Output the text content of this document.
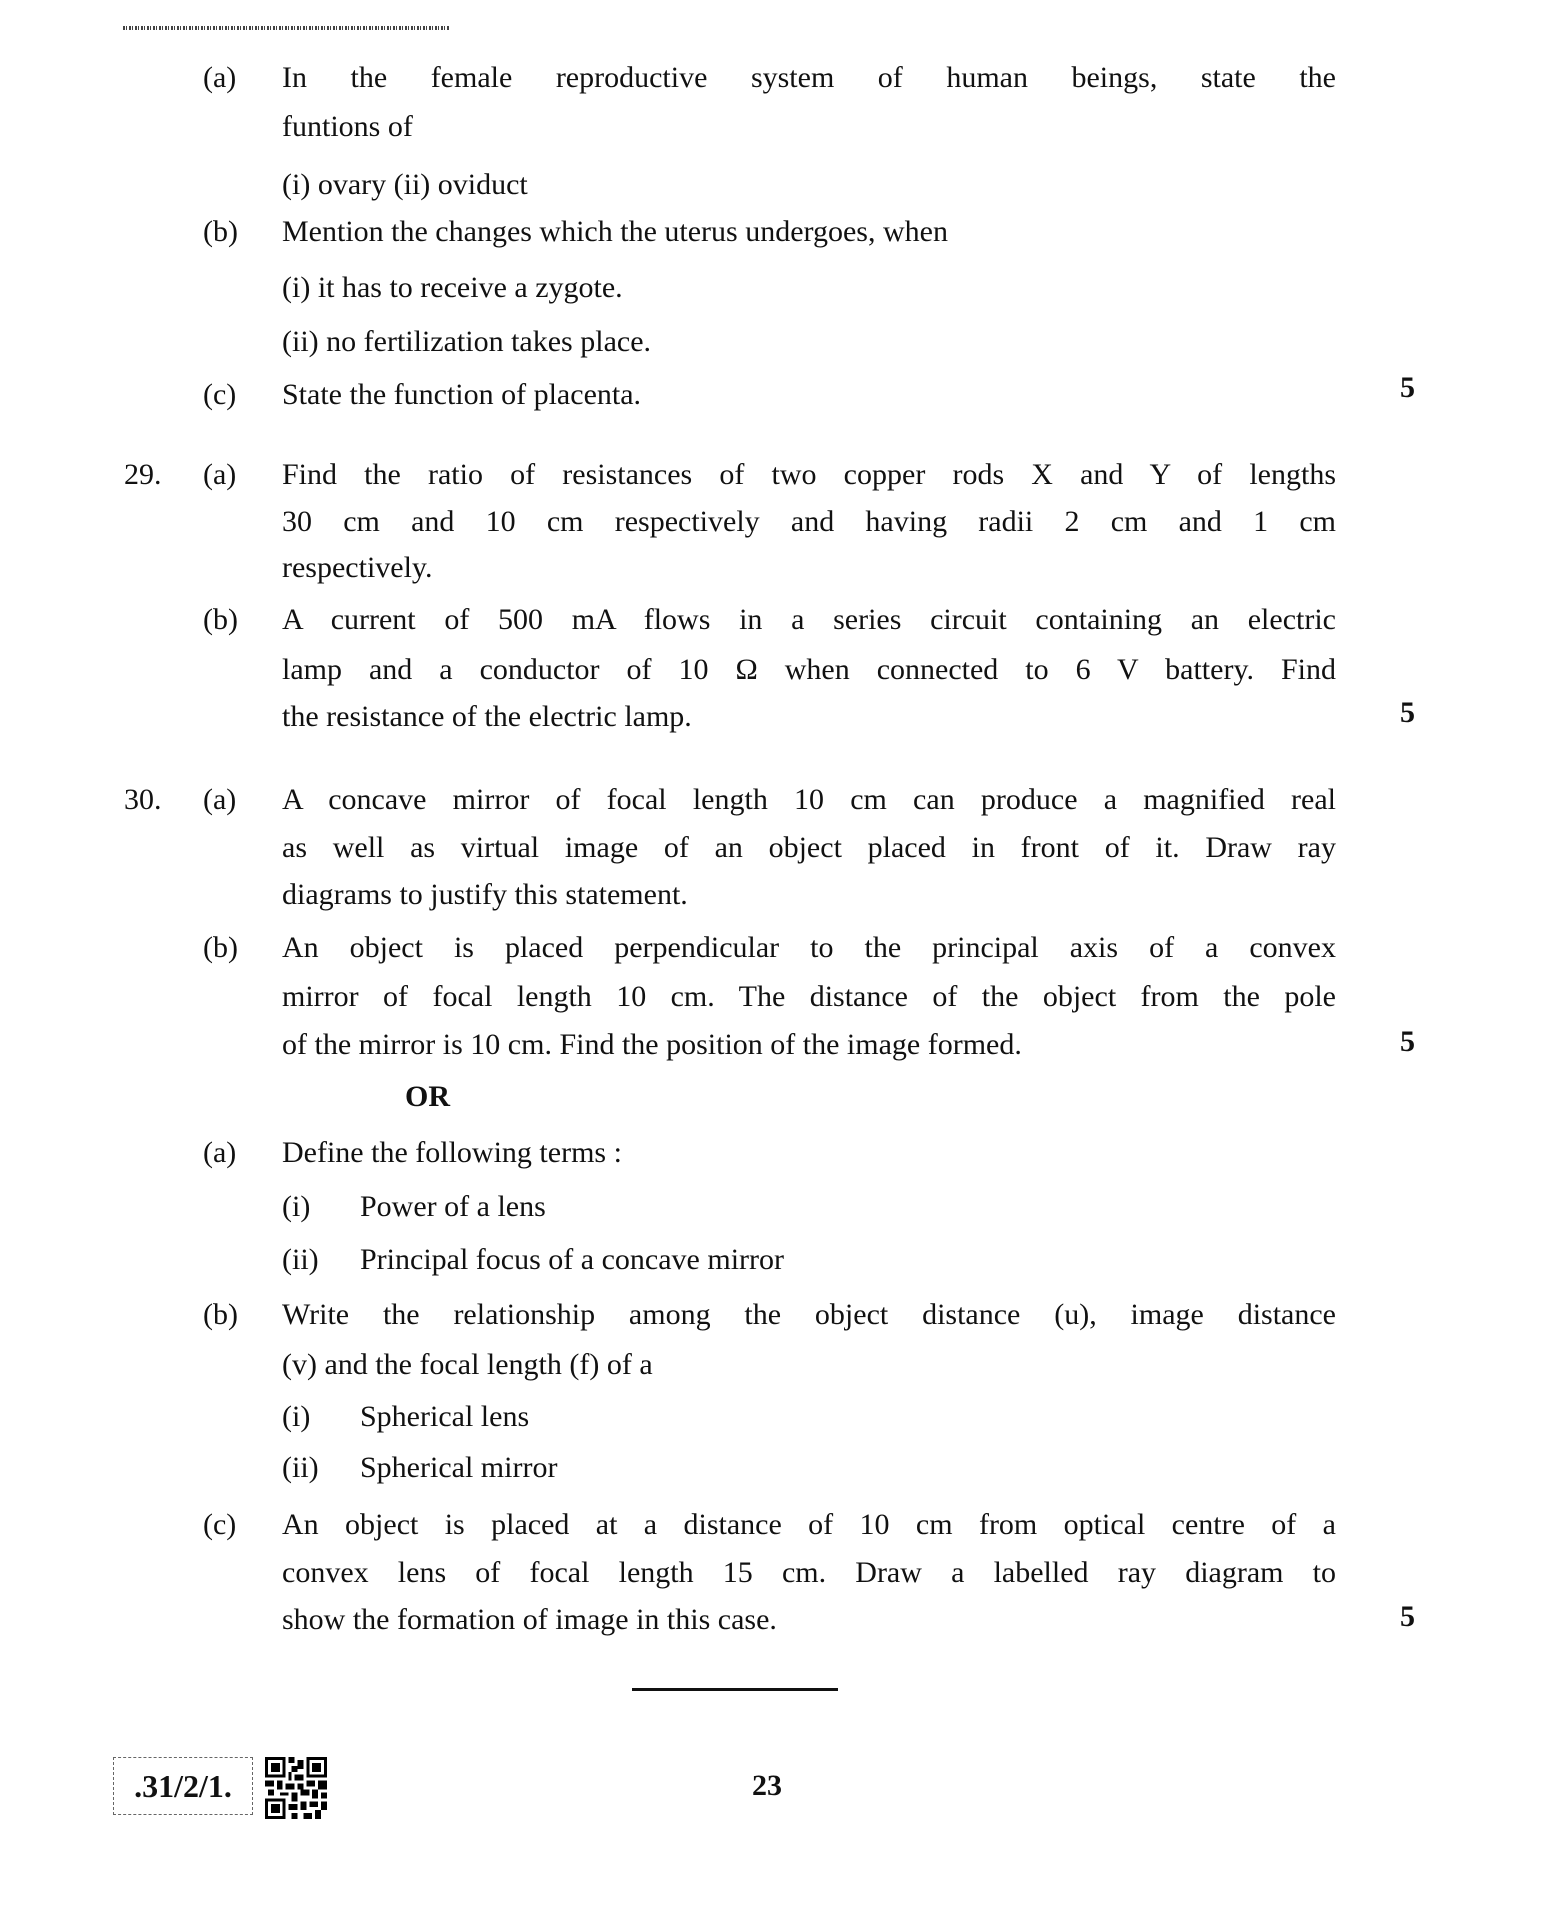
(a) In the female reproductive system of human beings, state the
funtions of
(i) ovary (ii) oviduct
(b) Mention the changes which the uterus undergoes, when
(i) it has to receive a zygote.
(ii) no fertilization takes place.
(c) State the function of placenta.	5
29. (a) Find the ratio of resistances of two copper rods X and Y of lengths
30 cm and 10 cm respectively and having radii 2 cm and 1 cm
respectively.
(b) A current of 500 mA flows in a series circuit containing an electric
lamp and a conductor of 10 Ω when connected to 6 V battery. Find
the resistance of the electric lamp.	5
30. (a) A concave mirror of focal length 10 cm can produce a magnified real
as well as virtual image of an object placed in front of it. Draw ray
diagrams to justify this statement.
(b) An object is placed perpendicular to the principal axis of a convex
mirror of focal length 10 cm. The distance of the object from the pole
of the mirror is 10 cm. Find the position of the image formed.	5
OR
(a) Define the following terms :
(i) Power of a lens
(ii) Principal focus of a concave mirror
(b) Write the relationship among the object distance (u), image distance
(v) and the focal length (f) of a
(i) Spherical lens
(ii) Spherical mirror
(c) An object is placed at a distance of 10 cm from optical centre of a
convex lens of focal length 15 cm. Draw a labelled ray diagram to
show the formation of image in this case.	5
.31/2/1.	23
